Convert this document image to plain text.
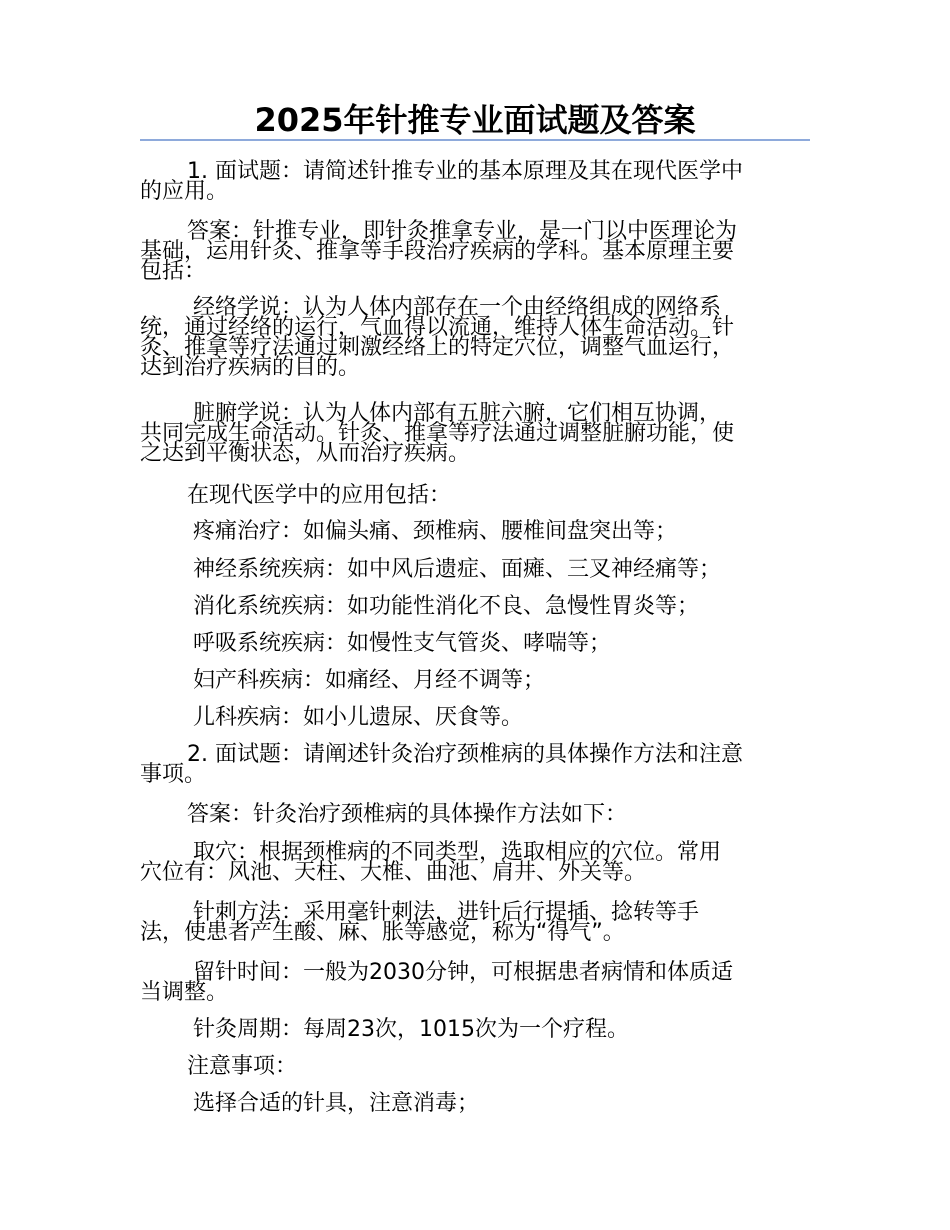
2025年针推专业面试题及答案

1. 面试题：请简述针推专业的基本原理及其在现代医学中
的应用。

答案：针推专业，即针灸推拿专业，是一门以中医理论为
基础，运用针灸、推拿等手段治疗疾病的学科。基本原理主要
包括：

经络学说：认为人体内部存在一个由经络组成的网络系
统，通过经络的运行，气血得以流通，维持人体生命活动。针
灸、推拿等疗法通过刺激经络上的特定穴位，调整气血运行，
达到治疗疾病的目的。

脏腑学说：认为人体内部有五脏六腑，它们相互协调，
共同完成生命活动。针灸、推拿等疗法通过调整脏腑功能，使
之达到平衡状态，从而治疗疾病。

在现代医学中的应用包括：

疼痛治疗：如偏头痛、颈椎病、腰椎间盘突出等；

神经系统疾病：如中风后遗症、面瘫、三叉神经痛等；

消化系统疾病：如功能性消化不良、急慢性胃炎等；

呼吸系统疾病：如慢性支气管炎、哮喘等；

妇产科疾病：如痛经、月经不调等；

儿科疾病：如小儿遗尿、厌食等。

2. 面试题：请阐述针灸治疗颈椎病的具体操作方法和注意
事项。

答案：针灸治疗颈椎病的具体操作方法如下：

取穴：根据颈椎病的不同类型，选取相应的穴位。常用
穴位有：风池、天柱、大椎、曲池、肩井、外关等。

针刺方法：采用毫针刺法，进针后行提插、捻转等手
法，使患者产生酸、麻、胀等感觉，称为“得气”。

留针时间：一般为2030分钟，可根据患者病情和体质适
当调整。

针灸周期：每周23次，1015次为一个疗程。

注意事项：

选择合适的针具，注意消毒；
